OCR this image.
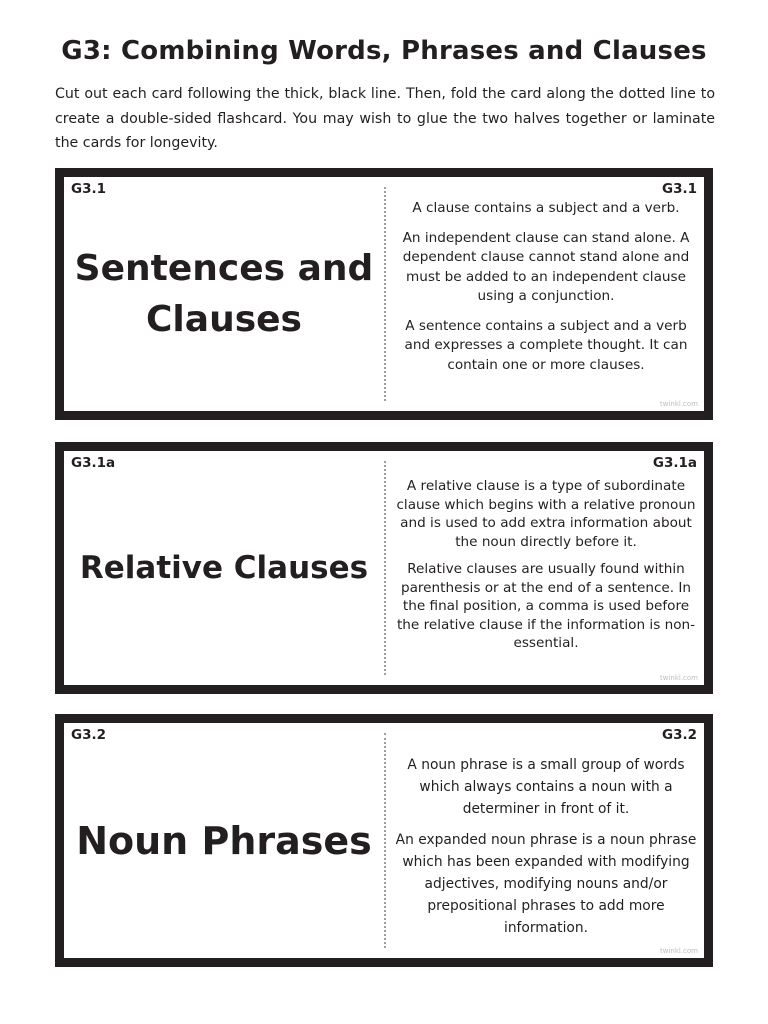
G3: Combining Words, Phrases and Clauses

Cut out each card following the thick, black line. Then, fold the card along the dotted line to create a double-sided flashcard. You may wish to glue the two halves together or laminate the cards for longevity.

G3.1	G3.1
Sentences and Clauses

A clause contains a subject and a verb.

An independent clause can stand alone. A dependent clause cannot stand alone and must be added to an independent clause using a conjunction.

A sentence contains a subject and a verb and expresses a complete thought. It can contain one or more clauses.

twinkl.com
G3.1a	G3.1a
Relative Clauses

A relative clause is a type of subordinate clause which begins with a relative pronoun and is used to add extra information about the noun directly before it.

Relative clauses are usually found within parenthesis or at the end of a sentence. In the final position, a comma is used before the relative clause if the information is non-essential.

twinkl.com
G3.2	G3.2
Noun Phrases

A noun phrase is a small group of words which always contains a noun with a determiner in front of it.

An expanded noun phrase is a noun phrase which has been expanded with modifying adjectives, modifying nouns and/or prepositional phrases to add more information.

twinkl.com
